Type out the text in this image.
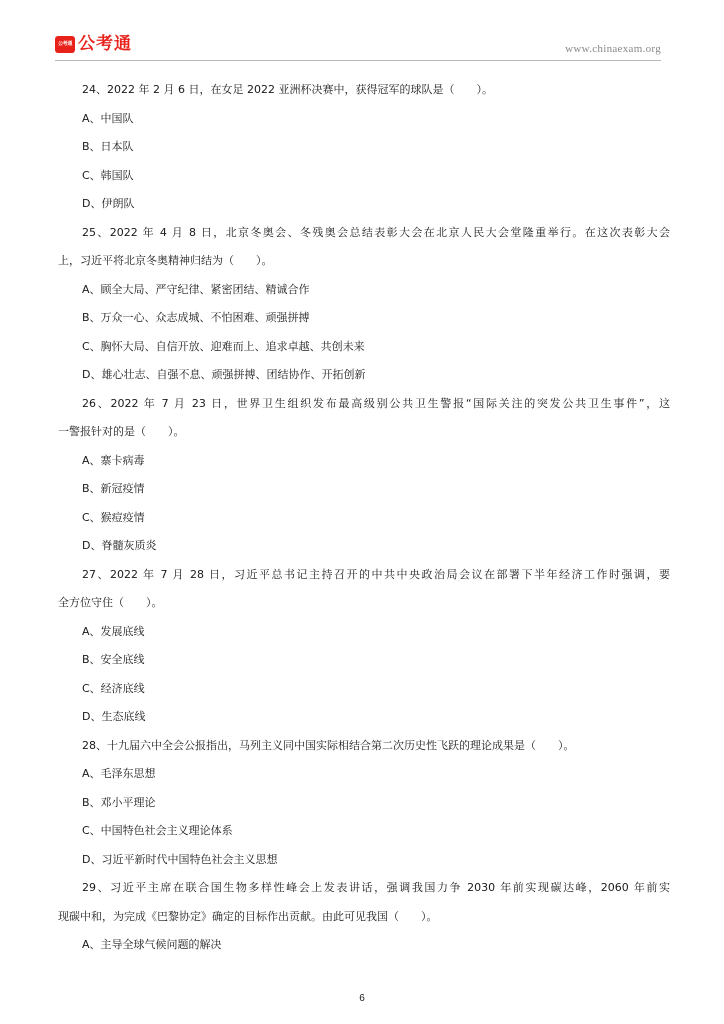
公考通 公考通	www.chinaexam.org
24、2022 年 2 月 6 日，在女足 2022 亚洲杯决赛中，获得冠军的球队是（　　）。
A、中国队
B、日本队
C、韩国队
D、伊朗队
25、2022 年 4 月 8 日，北京冬奥会、冬残奥会总结表彰大会在北京人民大会堂隆重举行。在这次表彰大会
上，习近平将北京冬奥精神归结为（　　）。
A、顾全大局、严守纪律、紧密团结、精诚合作
B、万众一心、众志成城、不怕困难、顽强拼搏
C、胸怀大局、自信开放、迎难而上、追求卓越、共创未来
D、雄心壮志、自强不息、顽强拼搏、团结协作、开拓创新
26、2022 年 7 月 23 日，世界卫生组织发布最高级别公共卫生警报“国际关注的突发公共卫生事件”，这
一警报针对的是（　　）。
A、寨卡病毒
B、新冠疫情
C、猴痘疫情
D、脊髓灰质炎
27、2022 年 7 月 28 日，习近平总书记主持召开的中共中央政治局会议在部署下半年经济工作时强调，要
全方位守住（　　）。
A、发展底线
B、安全底线
C、经济底线
D、生态底线
28、十九届六中全会公报指出，马列主义同中国实际相结合第二次历史性飞跃的理论成果是（　　）。
A、毛泽东思想
B、邓小平理论
C、中国特色社会主义理论体系
D、习近平新时代中国特色社会主义思想
29、习近平主席在联合国生物多样性峰会上发表讲话，强调我国力争 2030 年前实现碳达峰，2060 年前实
现碳中和，为完成《巴黎协定》确定的目标作出贡献。由此可见我国（　　）。
A、主导全球气候问题的解决
6
